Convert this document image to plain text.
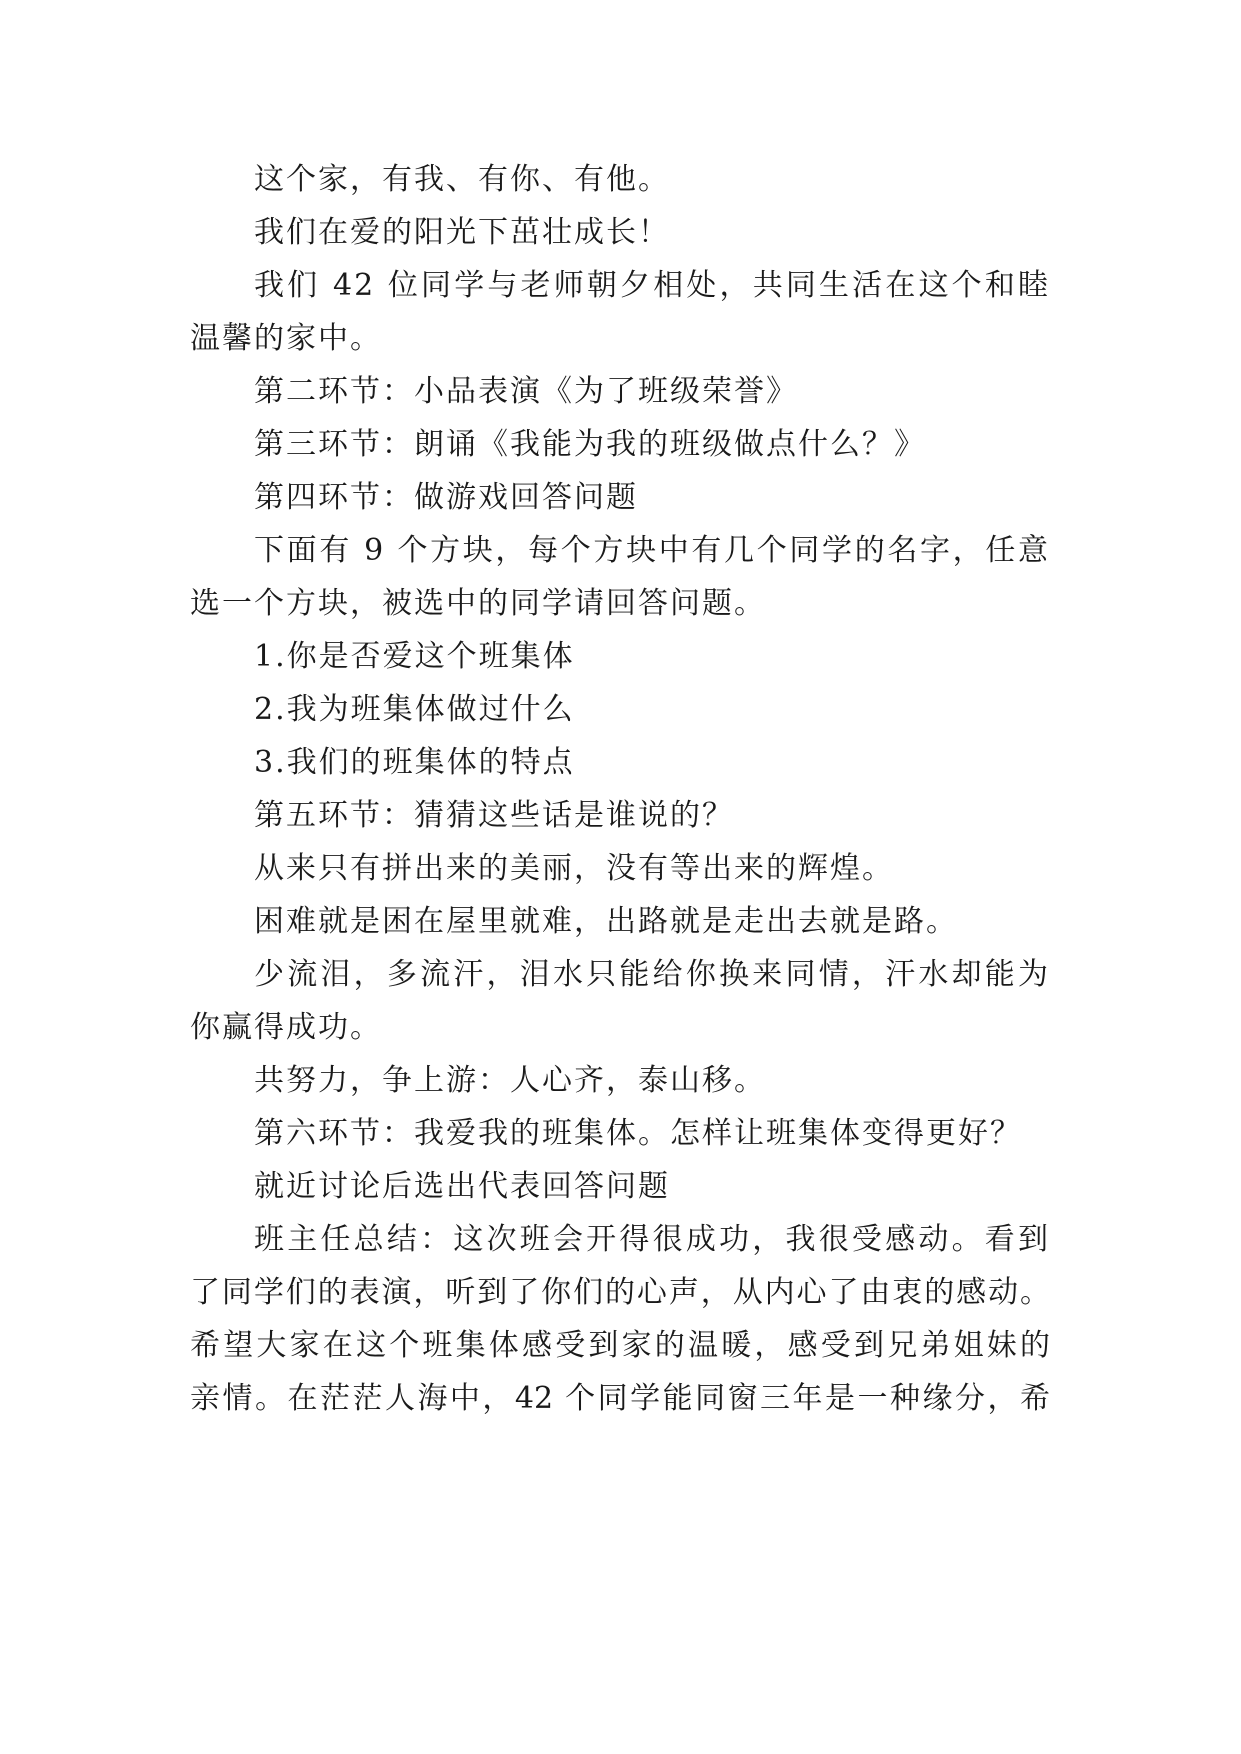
这个家，有我、有你、有他。
我们在爱的阳光下茁壮成长！
我们 42 位同学与老师朝夕相处，共同生活在这个和睦
温馨的家中。
第二环节：小品表演《为了班级荣誉》
第三环节：朗诵《我能为我的班级做点什么？》
第四环节：做游戏回答问题
下面有 9 个方块，每个方块中有几个同学的名字，任意
选一个方块，被选中的同学请回答问题。
1.你是否爱这个班集体
2.我为班集体做过什么
3.我们的班集体的特点
第五环节：猜猜这些话是谁说的？
从来只有拼出来的美丽，没有等出来的辉煌。
困难就是困在屋里就难，出路就是走出去就是路。
少流泪，多流汗，泪水只能给你换来同情，汗水却能为
你赢得成功。
共努力，争上游：人心齐，泰山移。
第六环节：我爱我的班集体。怎样让班集体变得更好？
就近讨论后选出代表回答问题
班主任总结：这次班会开得很成功，我很受感动。看到
了同学们的表演，听到了你们的心声，从内心了由衷的感动。
希望大家在这个班集体感受到家的温暖，感受到兄弟姐妹的
亲情。在茫茫人海中，42 个同学能同窗三年是一种缘分，希
